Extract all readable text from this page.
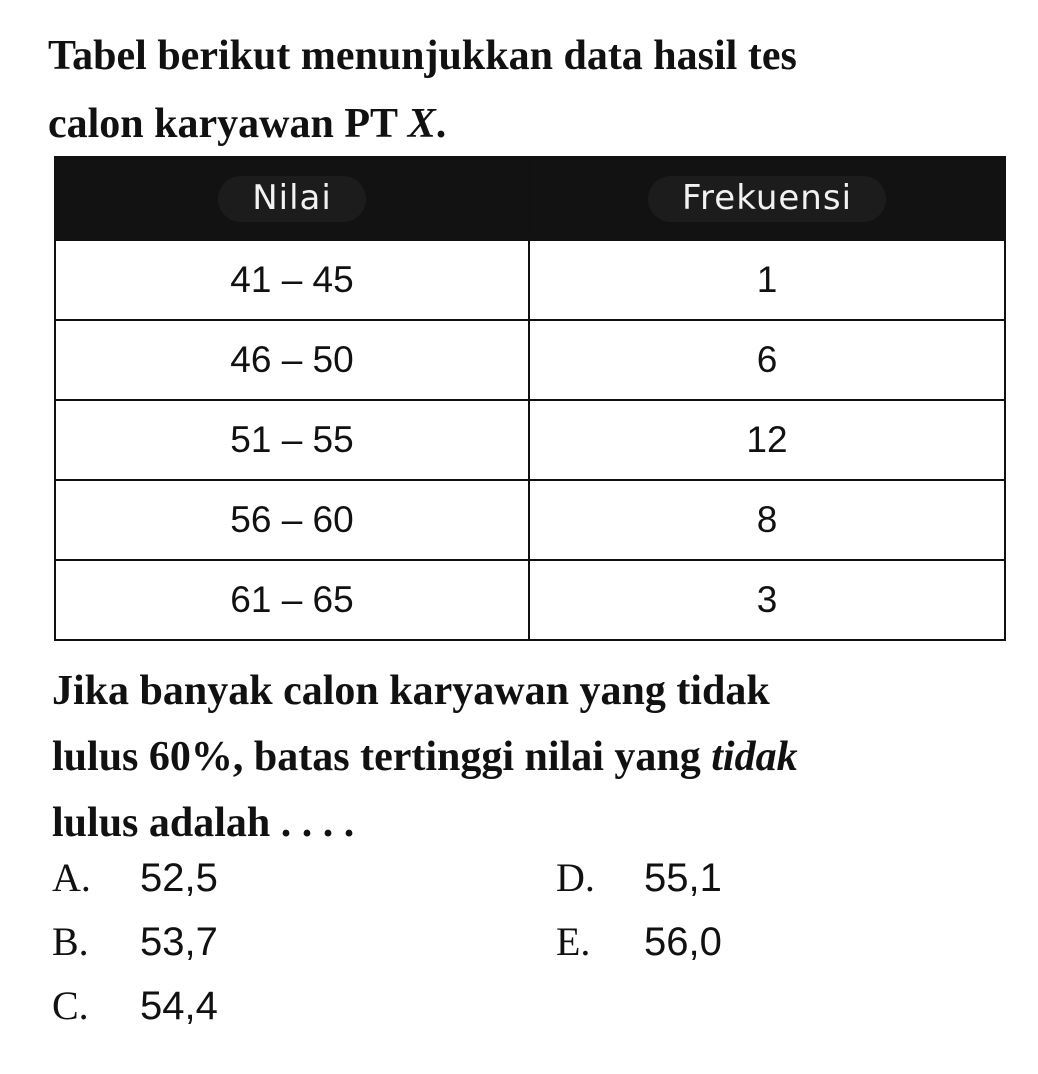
Tabel berikut menunjukkan data hasil tes
calon karyawan PT X.
Nilai	Frekuensi
41 – 45	1
46 – 50	6
51 – 55	12
56 – 60	8
61 – 65	3
Jika banyak calon karyawan yang tidak
lulus 60%, batas tertinggi nilai yang tidak
lulus adalah . . . .
A. 52,5
B. 53,7
C. 54,4
D. 55,1
E. 56,0
